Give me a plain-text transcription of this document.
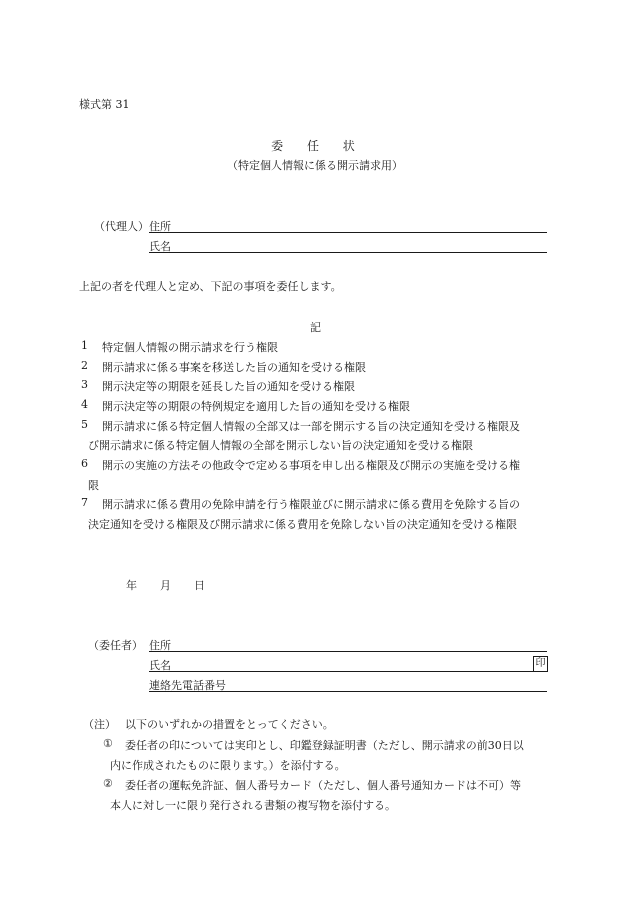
様式第 31
委 任 状
（特定個人情報に係る開示請求用）
（代理人） 住所
氏名
上記の者を代理人と定め、下記の事項を委任します。
記
1 特定個人情報の開示請求を行う権限
2 開示請求に係る事案を移送した旨の通知を受ける権限
3 開示決定等の期限を延長した旨の通知を受ける権限
4 開示決定等の期限の特例規定を適用した旨の通知を受ける権限
5 開示請求に係る特定個人情報の全部又は一部を開示する旨の決定通知を受ける権限及
び開示請求に係る特定個人情報の全部を開示しない旨の決定通知を受ける権限
6 開示の実施の方法その他政令で定める事項を申し出る権限及び開示の実施を受ける権
限
7 開示請求に係る費用の免除申請を行う権限並びに開示請求に係る費用を免除する旨の
決定通知を受ける権限及び開示請求に係る費用を免除しない旨の決定通知を受ける権限
年　月　日
（委任者） 住所
氏名	印
連絡先電話番号
（注） 以下のいずれかの措置をとってください。
① 委任者の印については実印とし、印鑑登録証明書（ただし、開示請求の前30日以
内に作成されたものに限ります。）を添付する。
② 委任者の運転免許証、個人番号カード（ただし、個人番号通知カードは不可）等
本人に対し一に限り発行される書類の複写物を添付する。
